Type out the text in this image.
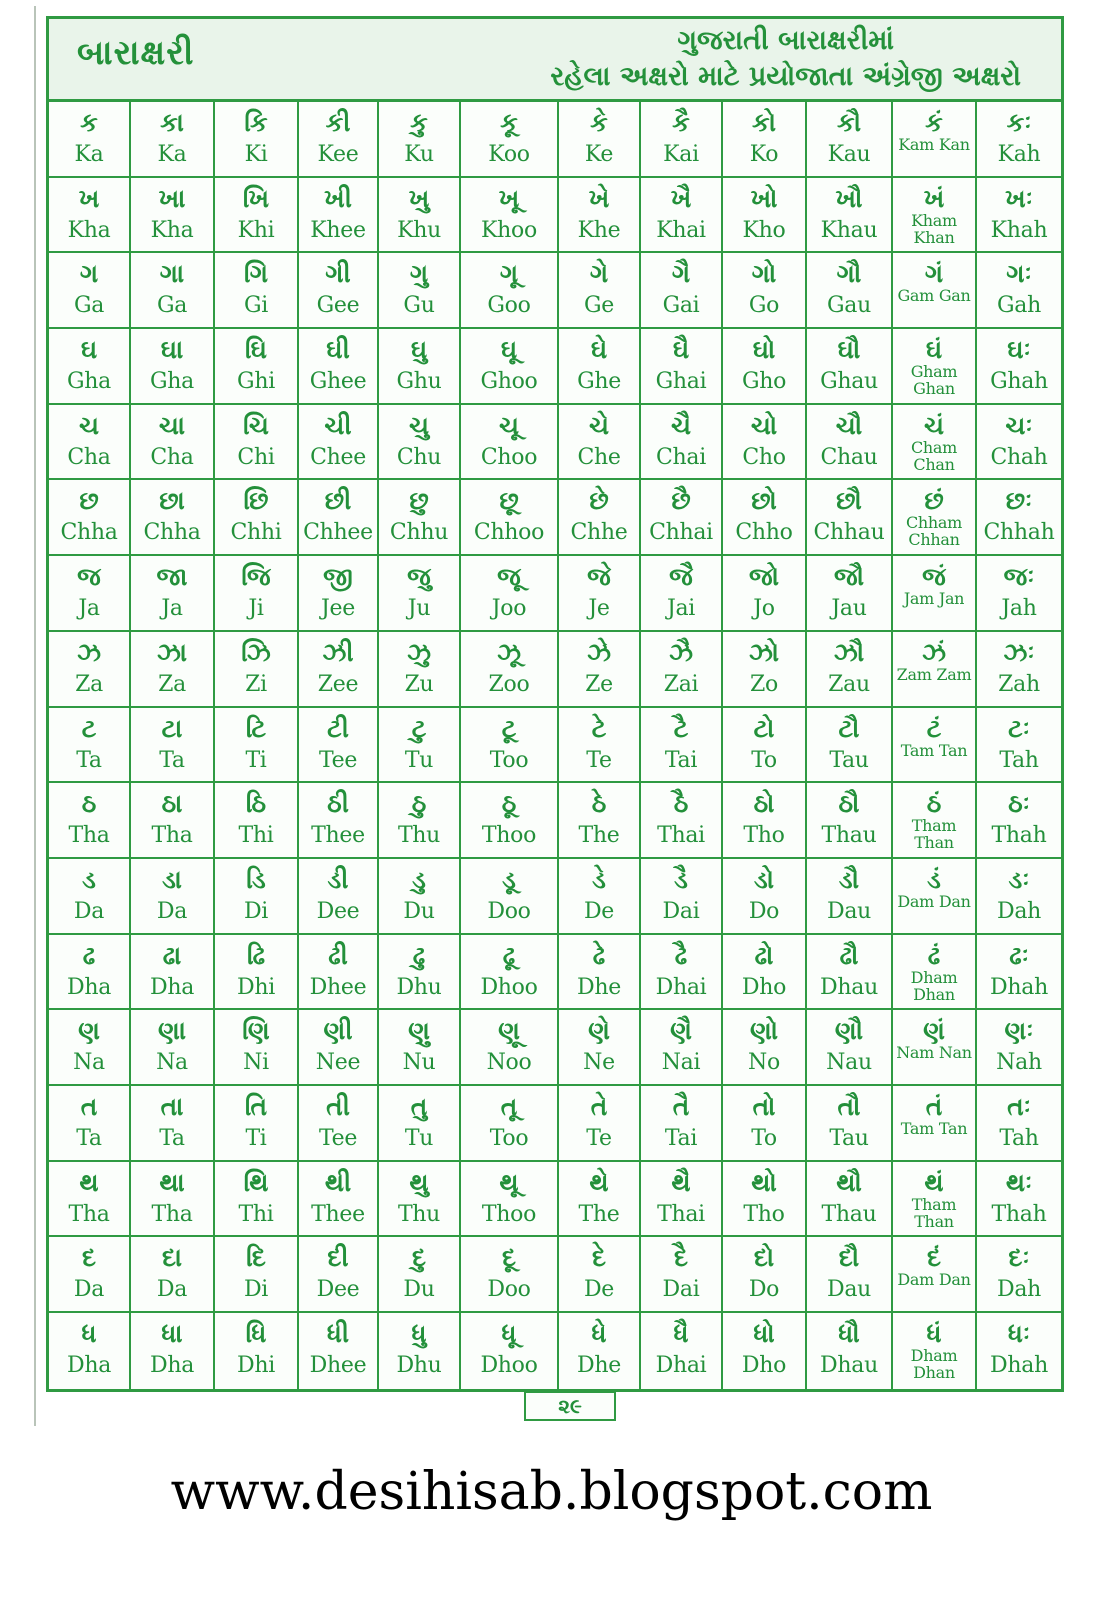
બારાક્ષરી	ગુજરાતી બારાક્ષરીમાં
રહેલા અક્ષરો માટે પ્રયોજાતા અંગ્રેજી અક્ષરો
ક
Ka
કા
Ka
કિ
Ki
કી
Kee
કુ
Ku
કૂ
Koo
કે
Ke
કૈ
Kai
કો
Ko
કૌ
Kau
કં
Kam Kan
કઃ
Kah
ખ
Kha
ખા
Kha
ખિ
Khi
ખી
Khee
ખુ
Khu
ખૂ
Khoo
ખે
Khe
ખૈ
Khai
ખો
Kho
ખૌ
Khau
ખં
Kham Khan
ખઃ
Khah
ગ
Ga
ગા
Ga
ગિ
Gi
ગી
Gee
ગુ
Gu
ગૂ
Goo
ગે
Ge
ગૈ
Gai
ગો
Go
ગૌ
Gau
ગં
Gam Gan
ગઃ
Gah
ઘ
Gha
ઘા
Gha
ઘિ
Ghi
ઘી
Ghee
ઘુ
Ghu
ઘૂ
Ghoo
ઘે
Ghe
ઘૈ
Ghai
ઘો
Gho
ઘૌ
Ghau
ઘં
Gham Ghan
ઘઃ
Ghah
ચ
Cha
ચા
Cha
ચિ
Chi
ચી
Chee
ચુ
Chu
ચૂ
Choo
ચે
Che
ચૈ
Chai
ચો
Cho
ચૌ
Chau
ચં
Cham Chan
ચઃ
Chah
છ
Chha
છા
Chha
છિ
Chhi
છી
Chhee
છુ
Chhu
છૂ
Chhoo
છે
Chhe
છૈ
Chhai
છો
Chho
છૌ
Chhau
છં
Chham Chhan
છઃ
Chhah
જ
Ja
જા
Ja
જિ
Ji
જી
Jee
જુ
Ju
જૂ
Joo
જે
Je
જૈ
Jai
જો
Jo
જૌ
Jau
જં
Jam Jan
જઃ
Jah
ઝ
Za
ઝા
Za
ઝિ
Zi
ઝી
Zee
ઝુ
Zu
ઝૂ
Zoo
ઝે
Ze
ઝૈ
Zai
ઝો
Zo
ઝૌ
Zau
ઝં
Zam Zam
ઝઃ
Zah
ટ
Ta
ટા
Ta
ટિ
Ti
ટી
Tee
ટુ
Tu
ટૂ
Too
ટે
Te
ટૈ
Tai
ટો
To
ટૌ
Tau
ટં
Tam Tan
ટઃ
Tah
ઠ
Tha
ઠા
Tha
ઠિ
Thi
ઠી
Thee
ઠુ
Thu
ઠૂ
Thoo
ઠે
The
ઠૈ
Thai
ઠો
Tho
ઠૌ
Thau
ઠં
Tham Than
ઠઃ
Thah
ડ
Da
ડા
Da
ડિ
Di
ડી
Dee
ડુ
Du
ડૂ
Doo
ડે
De
ડૈ
Dai
ડો
Do
ડૌ
Dau
ડં
Dam Dan
ડઃ
Dah
ઢ
Dha
ઢા
Dha
ઢિ
Dhi
ઢી
Dhee
ઢુ
Dhu
ઢૂ
Dhoo
ઢે
Dhe
ઢૈ
Dhai
ઢો
Dho
ઢૌ
Dhau
ઢં
Dham Dhan
ઢઃ
Dhah
ણ
Na
ણા
Na
ણિ
Ni
ણી
Nee
ણુ
Nu
ણૂ
Noo
ણે
Ne
ણૈ
Nai
ણો
No
ણૌ
Nau
ણં
Nam Nan
ણઃ
Nah
ત
Ta
તા
Ta
તિ
Ti
તી
Tee
તુ
Tu
તૂ
Too
તે
Te
તૈ
Tai
તો
To
તૌ
Tau
તં
Tam Tan
તઃ
Tah
થ
Tha
થા
Tha
થિ
Thi
થી
Thee
થુ
Thu
થૂ
Thoo
થે
The
થૈ
Thai
થો
Tho
થૌ
Thau
થં
Tham Than
થઃ
Thah
દ
Da
દા
Da
દિ
Di
દી
Dee
દુ
Du
દૂ
Doo
દે
De
દૈ
Dai
દો
Do
દૌ
Dau
દં
Dam Dan
દઃ
Dah
ધ
Dha
ધા
Dha
ધિ
Dhi
ધી
Dhee
ધુ
Dhu
ધૂ
Dhoo
ધે
Dhe
ધૈ
Dhai
ધો
Dho
ધૌ
Dhau
ધં
Dham Dhan
ધઃ
Dhah
૨૯
www.desihisab.blogspot.com
